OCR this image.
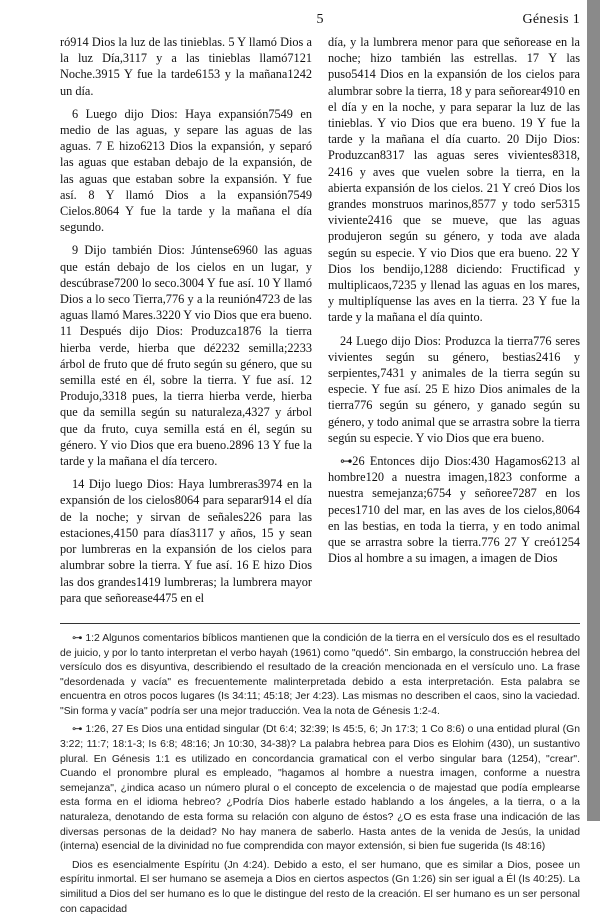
5	Génesis 1

ró914 Dios la luz de las tinieblas. 5 Y llamó Dios a la luz Día,3117 y a las tinieblas llamó7121 Noche.3915 Y fue la tarde6153 y la mañana1242 un día.

6 Luego dijo Dios: Haya expansión7549 en medio de las aguas, y separe las aguas de las aguas. 7 E hizo6213 Dios la expansión, y separó las aguas que estaban debajo de la expansión, de las aguas que estaban sobre la expansión. Y fue así. 8 Y llamó Dios a la expansión7549 Cielos.8064 Y fue la tarde y la mañana el día segundo.

9 Dijo también Dios: Júntense6960 las aguas que están debajo de los cielos en un lugar, y descúbrase7200 lo seco.3004 Y fue así. 10 Y llamó Dios a lo seco Tierra,776 y a la reunión4723 de las aguas llamó Mares.3220 Y vio Dios que era bueno. 11 Después dijo Dios: Produzca1876 la tierra hierba verde, hierba que dé2232 semilla;2233 árbol de fruto que dé fruto según su género, que su semilla esté en él, sobre la tierra. Y fue así. 12 Produjo,3318 pues, la tierra hierba verde, hierba que da semilla según su naturaleza,4327 y árbol que da fruto, cuya semilla está en él, según su género. Y vio Dios que era bueno.2896 13 Y fue la tarde y la mañana el día tercero.

14 Dijo luego Dios: Haya lumbreras3974 en la expansión de los cielos8064 para separar914 el día de la noche; y sirvan de señales226 para las estaciones,4150 para días3117 y años, 15 y sean por lumbreras en la expansión de los cielos para alumbrar sobre la tierra. Y fue así. 16 E hizo Dios las dos grandes1419 lumbreras; la lumbrera mayor para que señorease4475 en el

día, y la lumbrera menor para que señorease en la noche; hizo también las estrellas. 17 Y las puso5414 Dios en la expansión de los cielos para alumbrar sobre la tierra, 18 y para señorear4910 en el día y en la noche, y para separar la luz de las tinieblas. Y vio Dios que era bueno. 19 Y fue la tarde y la mañana el día cuarto. 20 Dijo Dios: Produzcan8317 las aguas seres vivientes8318, 2416 y aves que vuelen sobre la tierra, en la abierta expansión de los cielos. 21 Y creó Dios los grandes monstruos marinos,8577 y todo ser5315 viviente2416 que se mueve, que las aguas produjeron según su género, y toda ave alada según su especie. Y vio Dios que era bueno. 22 Y Dios los bendijo,1288 diciendo: Fructificad y multiplicaos,7235 y llenad las aguas en los mares, y multiplíquense las aves en la tierra. 23 Y fue la tarde y la mañana el día quinto.

24 Luego dijo Dios: Produzca la tierra776 seres vivientes según su género, bestias2416 y serpientes,7431 y animales de la tierra según su especie. Y fue así. 25 E hizo Dios animales de la tierra776 según su género, y ganado según su género, y todo animal que se arrastra sobre la tierra según su especie. Y vio Dios que era bueno.

⊶26 Entonces dijo Dios:430 Hagamos6213 al hombre120 a nuestra imagen,1823 conforme a nuestra semejanza;6754 y señoree7287 en los peces1710 del mar, en las aves de los cielos,8064 en las bestias, en toda la tierra, y en todo animal que se arrastra sobre la tierra.776 27 Y creó1254 Dios al hombre a su imagen, a imagen de Dios

⊶ 1:2 Algunos comentarios bíblicos mantienen que la condición de la tierra en el versículo dos es el resultado de juicio, y por lo tanto interpretan el verbo hayah (1961) como "quedó". Sin embargo, la construcción hebrea del versículo dos es disyuntiva, describiendo el resultado de la creación mencionada en el versículo uno. La frase "desordenada y vacía" es frecuentemente malinterpretada debido a esta interpretación. Esta palabra se encuentra en otros pocos lugares (Is 34:11; 45:18; Jer 4:23). Las mismas no describen el caos, sino la vaciedad. "Sin forma y vacía" podría ser una mejor traducción. Vea la nota de Génesis 1:2-4.

⊶ 1:26, 27 Es Dios una entidad singular (Dt 6:4; 32:39; Is 45:5, 6; Jn 17:3; 1 Co 8:6) o una entidad plural (Gn 3:22; 11:7; 18:1-3; Is 6:8; 48:16; Jn 10:30, 34-38)? La palabra hebrea para Dios es Elohim (430), un sustantivo plural. En Génesis 1:1 es utilizado en concordancia gramatical con el verbo singular bara (1254), "crear". Cuando el pronombre plural es empleado, "hagamos al hombre a nuestra imagen, conforme a nuestra semejanza", ¿indica acaso un número plural o el concepto de excelencia o de majestad que podía emplearse esta forma en el idioma hebreo? ¿Podría Dios haberle estado hablando a los ángeles, a la tierra, o a la naturaleza, denotando de esta forma su relación con alguno de éstos? ¿O es esta frase una indicación de las diversas personas de la deidad? No hay manera de saberlo. Hasta antes de la venida de Jesús, la unidad (interna) esencial de la divinidad no fue comprendida con mayor extensión, si bien fue sugerida (Is 48:16)

Dios es esencialmente Espíritu (Jn 4:24). Debido a esto, el ser humano, que es similar a Dios, posee un espíritu inmortal. El ser humano se asemeja a Dios en ciertos aspectos (Gn 1:26) sin ser igual a Él (Is 40:25). La similitud a Dios del ser humano es lo que le distingue del resto de la creación. El ser humano es un ser personal con capacidad
